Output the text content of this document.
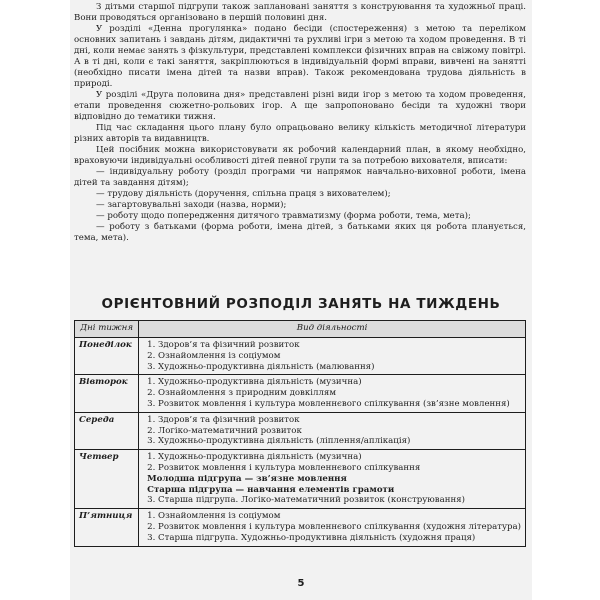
З дітьми старшої підгрупи також заплановані заняття з конструювання та художньої праці. Вони проводяться організовано в першій половині дня.

У розділі «Денна прогулянка» подано бесіди (спостереження) з метою та переліком основних запитань і завдань дітям, дидактичні та рухливі ігри з метою та ходом проведення. В ті дні, коли немає занять з фізкультури, представлені комплекси фізичних вправ на свіжому повітрі. А в ті дні, коли є такі заняття, закріплюються в індивідуальній формі вправи, вивчені на занятті (необхідно писати імена дітей та назви вправ). Також рекомендована трудова діяльність в природі.

У розділі «Друга половина дня» представлені різні види ігор з метою та ходом проведення, етапи проведення сюжетно-рольових ігор. А ще запропоновано бесіди та художні твори відповідно до тематики тижня.

Під час складання цього плану було опрацьовано велику кількість методичної літератури різних авторів та видавництв.

Цей посібник можна використовувати як робочий календарний план, в якому необхідно, враховуючи індивідуальні особливості дітей певної групи та за потребою вихователя, вписати:

— індивідуальну роботу (розділ програми чи напрямок навчально-виховної роботи, імена дітей та завдання дітям);
— трудову діяльність (доручення, спільна праця з вихователем);
— загартовувальні заходи (назва, норми);
— роботу щодо попередження дитячого травматизму (форма роботи, тема, мета);
— роботу з батьками (форма роботи, імена дітей, з батьками яких ця робота планується, тема, мета).
ОРІЄНТОВНИЙ РОЗПОДІЛ ЗАНЯТЬ НА ТИЖДЕНЬ
Дні тижня	Вид діяльності
Понеділок	1. Здоров’я та фізичний розвиток
2. Ознайомлення із соціумом
3. Художньо-продуктивна діяльність (малювання)

Вівторок	1. Художньо-продуктивна діяльність (музична)
2. Ознайомлення з природним довкіллям
3. Розвиток мовлення і культура мовленнєвого спілкування (зв’язне мовлення)

Середа	1. Здоров’я та фізичний розвиток
2. Логіко-математичний розвиток
3. Художньо-продуктивна діяльність (ліплення/аплікація)

Четвер	1. Художньо-продуктивна діяльність (музична)
2. Розвиток мовлення і культура мовленнєвого спілкування
Молодша підгрупа — зв’язне мовлення
Старша підгрупа — навчання елементів грамоти
3. Старша підгрупа. Логіко-математичний розвиток (конструювання)

П’ятниця	1. Ознайомлення із соціумом
2. Розвиток мовлення і культура мовленнєвого спілкування (художня література)
3. Старша підгрупа. Художньо-продуктивна діяльність (художня праця)
5
